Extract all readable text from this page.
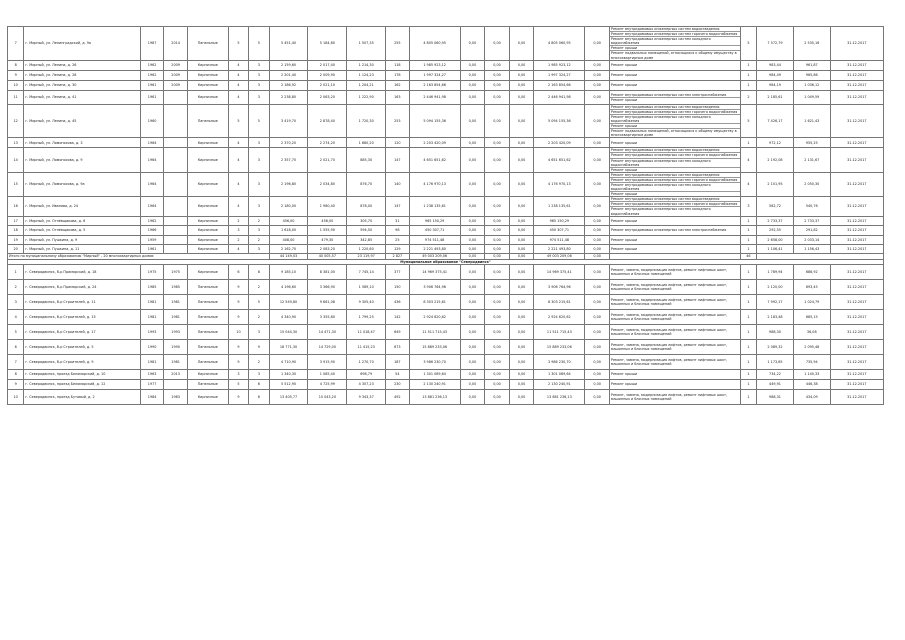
7	г. Мирный, ул. Ленинградский, д. 9а	1987	2014	Панельные	5	5	5 451,40	5 184,80	1 507,35	255	4 805 060,95	0,00	0,00	0,00	4 805 060,95	0,00	Ремонт внутридомовых инженерных систем водоотведения
Ремонт внутридомовых инженерных систем горячего водоснабжения
Ремонт внутридомовых инженерных систем холодного водоснабжения
Ремонт крыши
Ремонт подвальных помещений, относящихся к общему имуществу в многоквартирном доме	5	7 572,79	2 535,16	31.12.2017
8	г. Мирный, ул. Ленина, д. 26	1962	2009	Кирпичные	4	3	2 159,60	2 017,40	1 214,30	118	1 985 923,12	0,00	0,00	0,00	1 985 923,12	0,00	Ремонт крыши	1	983,44	961,87	31.12.2017
9	г. Мирный, ул. Ленина, д. 28	1962	2009	Кирпичные	4	3	2 201,40	2 009,90	1 124,23	178	1 997 324,27	0,00	0,00	0,00	1 997 324,27	0,00	Ремонт крыши	1	984,49	965,86	31.12.2017
10	г. Мирный, ул. Ленина, д. 30	1961	2009	Кирпичные	4	3	2 186,92	2 021,10	1 204,21	162	2 163 854,66	0,00	0,00	0,00	2 163 854,66	0,00	Ремонт крыши	1	984,19	1 036,12	31.12.2017
11	г. Мирный, ул. Ленина, д. 41	1961		Кирпичные	4	3	2 238,80	2 063,20	1 222,90	163	2 446 941,98	0,00	0,00	0,00	2 446 941,98	0,00	Ремонт внутридомовых инженерных систем электроснабжения
Ремонт крыши	2	2 185,61	1 049,59	31.12.2017
12	г. Мирный, ул. Ленина, д. 45	1960		Панельные	5	5	3 419,70	2 878,40	1 720,30	253	5 094 155,36	0,00	0,00	0,00	5 094 155,36	0,00	Ремонт внутридомовых инженерных систем водоотведения
Ремонт внутридомовых инженерных систем горячего водоснабжения
Ремонт внутридомовых инженерных систем холодного водоснабжения
Ремонт крыши
Ремонт подвальных помещений, относящихся к общему имуществу в многоквартирном доме	5	7 426,17	1 621,43	31.12.2017
13	г. Мирный, ул. Ломоносова, д. 3	1964		Кирпичные	4	3	2 370,20	2 274,20	1 680,20	120	2 203 420,09	0,00	0,00	0,00	2 203 420,09	0,00	Ремонт крыши	1	972,12	955,25	31.12.2017
14	г. Мирный, ул. Ломоносова, д. 9	1964		Кирпичные	4	3	2 357,70	2 021,70	885,30	147	4 651 651,62	0,00	0,00	0,00	4 651 651,62	0,00	Ремонт внутридомовых инженерных систем водоотведения
Ремонт внутридомовых инженерных систем горячего водоснабжения
Ремонт внутридомовых инженерных систем холодного водоснабжения
Ремонт крыши	4	2 192,08	2 131,67	31.12.2017
15	г. Мирный, ул. Ломоносова, д. 9а	1964		Кирпичные	4	3	2 196,80	2 034,80	876,70	140	4 176 970,13	0,00	0,00	0,00	4 176 970,13	0,00	Ремонт внутридомовых инженерных систем водоотведения
Ремонт внутридомовых инженерных систем горячего водоснабжения
Ремонт внутридомовых инженерных систем холодного водоснабжения
Ремонт крыши	4	2 101,95	2 050,30	31.12.2017
16	г. Мирный, ул. Иванова, д. 24	1964		Кирпичные	4	3	2 180,00	1 980,40	878,00	147	1 238 135,61	0,00	0,00	0,00	1 238 135,61	0,00	Ремонт внутридомовых инженерных систем водоотведения
Ремонт внутридомовых инженерных систем горячего водоснабжения
Ремонт внутридомовых инженерных систем холодного водоснабжения	3	582,72	540,76	31.12.2017
17	г. Мирный, ул. Огнёвщикова, д. 6	1962		Кирпичные	2	2	456,00	456,00	305,70	31	965 150,29	0,00	0,00	0,00	965 150,29	0,00	Ремонт крыши	1	2 733,37	2 733,37	31.12.2017
18	г. Мирный, ул. Огнёвщикова, д. 5	1966		Кирпичные	3	3	1 618,00	1 555,90	594,50	98	450 307,71	0,00	0,00	0,00	450 307,71	0,00	Ремонт внутридомовых инженерных систем электроснабжения	1	292,55	291,82	31.12.2017
19	г. Мирный, ул. Пушкина, д. 9	1959		Кирпичные	2	2	408,00	479,30	342,85	25	974 511,48	0,00	0,00	0,00	974 511,48	0,00	Ремонт крыши	1	2 658,00	2 033,14	31.12.2017
20	г. Мирный, ул. Пушкина, д. 11	1961		Кирпичные	4	3	2 162,70	2 083,20	1 220,60	129	2 221 493,80	0,00	0,00	0,00	2 221 493,80	0,00	Ремонт крыши	1	1 106,41	1 156,43	31.12.2017
Итого по муниципальному образованию "Мирный" - 20 многоквартирных домов:							44 149,03	40 005,57	23 119,97	2 827	49 003 209,06	0,00	0,00	0,00	49 003 209,06	0,00		46			
Муниципальное образование "Северодвинск"																					
1	г. Северодвинск, б-р Приморский, д. 18	1975	1975	Кирпичные	6	8	9 185,10	8 381,00	7 745,14	377	14 969 375,41	0,00	0,00	0,00	14 969 375,41	0,00	Ремонт, замена, модернизация лифтов, ремонт лифтовых шахт, машинных и блочных помещений	1	1 789,94	686,92	31.12.2017
2	г. Северодвинск, б-р Приморский, д. 24	1985	1985	Панельные	9	2	4 196,60	3 366,90	1 589,10	150	3 906 764,96	0,00	0,00	0,00	3 906 764,96	0,00	Ремонт, замена, модернизация лифтов, ремонт лифтовых шахт, машинных и блочных помещений	1	2 120,00	693,45	31.12.2017
3	г. Северодвинск, б-р Строителей, д. 11	1981	1981	Панельные	9	5	12 549,80	9 861,08	9 305,40	436	8 303 215,61	0,00	0,00	0,00	8 303 215,61	0,00	Ремонт, замена, модернизация лифтов, ремонт лифтовых шахт, машинных и блочных помещений	1	7 992,17	1 024,79	31.12.2017
4	г. Северодвинск, б-р Строителей, д. 15	1981	1981	Панельные	9	2	4 340,90	3 355,80	1 799,25	142	2 924 620,62	0,00	0,00	0,00	2 924 620,62	0,00	Ремонт, замена, модернизация лифтов, ремонт лифтовых шахт, машинных и блочных помещений	1	2 183,48	685,15	31.12.2017
5	г. Северодвинск, б-р Строителей, д. 17	1993	1993	Панельные	10	3	15 044,30	14 471,30	11 018,47	649	11 511 715,43	0,00	0,00	0,00	11 511 715,43	0,00	Ремонт, замена, модернизация лифтов, ремонт лифтовых шахт, машинных и блочных помещений	1	988,30	36,08	31.12.2017
6	г. Северодвинск, б-р Строителей, д. 5	1990	1990	Панельные	9	9	18 771,30	14 729,00	11 415,23	673	15 889 233,06	0,00	0,00	0,00	15 889 233,06	0,00	Ремонт, замена, модернизация лифтов, ремонт лифтовых шахт, машинных и блочных помещений	1	2 089,32	2 095,48	31.12.2017
7	г. Северодвинск, б-р Строителей, д. 9	1981	1981	Панельные	9	2	4 710,90	3 915,90	1 270,70	187	3 986 230,70	0,00	0,00	0,00	3 986 230,70	0,00	Ремонт, замена, модернизация лифтов, ремонт лифтовых шахт, машинных и блочных помещений	1	1 173,85	735,94	31.12.2017
8	г. Северодвинск, проезд Беломорский, д. 10	1963	2013	Кирпичные	3	3	1 340,30	1 085,40	698,79	54	1 301 089,64	0,00	0,00	0,00	1 301 089,64	0,00	Ремонт крыши	1	734,22	1 140,33	31.12.2017
9	г. Северодвинск, проезд Беломорский, д. 12	1977		Панельные	5	6	5 512,90	4 725,99	4 307,23	230	2 130 240,91	0,00	0,00	0,00	2 130 240,91	0,00	Ремонт крыши	1	449,91	446,38	31.12.2017
10	г. Северодвинск, проезд Бутовый, д. 2	1984	1983	Кирпичные	9	6	13 405,77	10 043,20	9 343,37	492	13 881 236,13	0,00	0,00	0,00	13 881 236,13	0,00	Ремонт, замена, модернизация лифтов, ремонт лифтовых шахт, машинных и блочных помещений	1	988,31	434,09	31.12.2017
